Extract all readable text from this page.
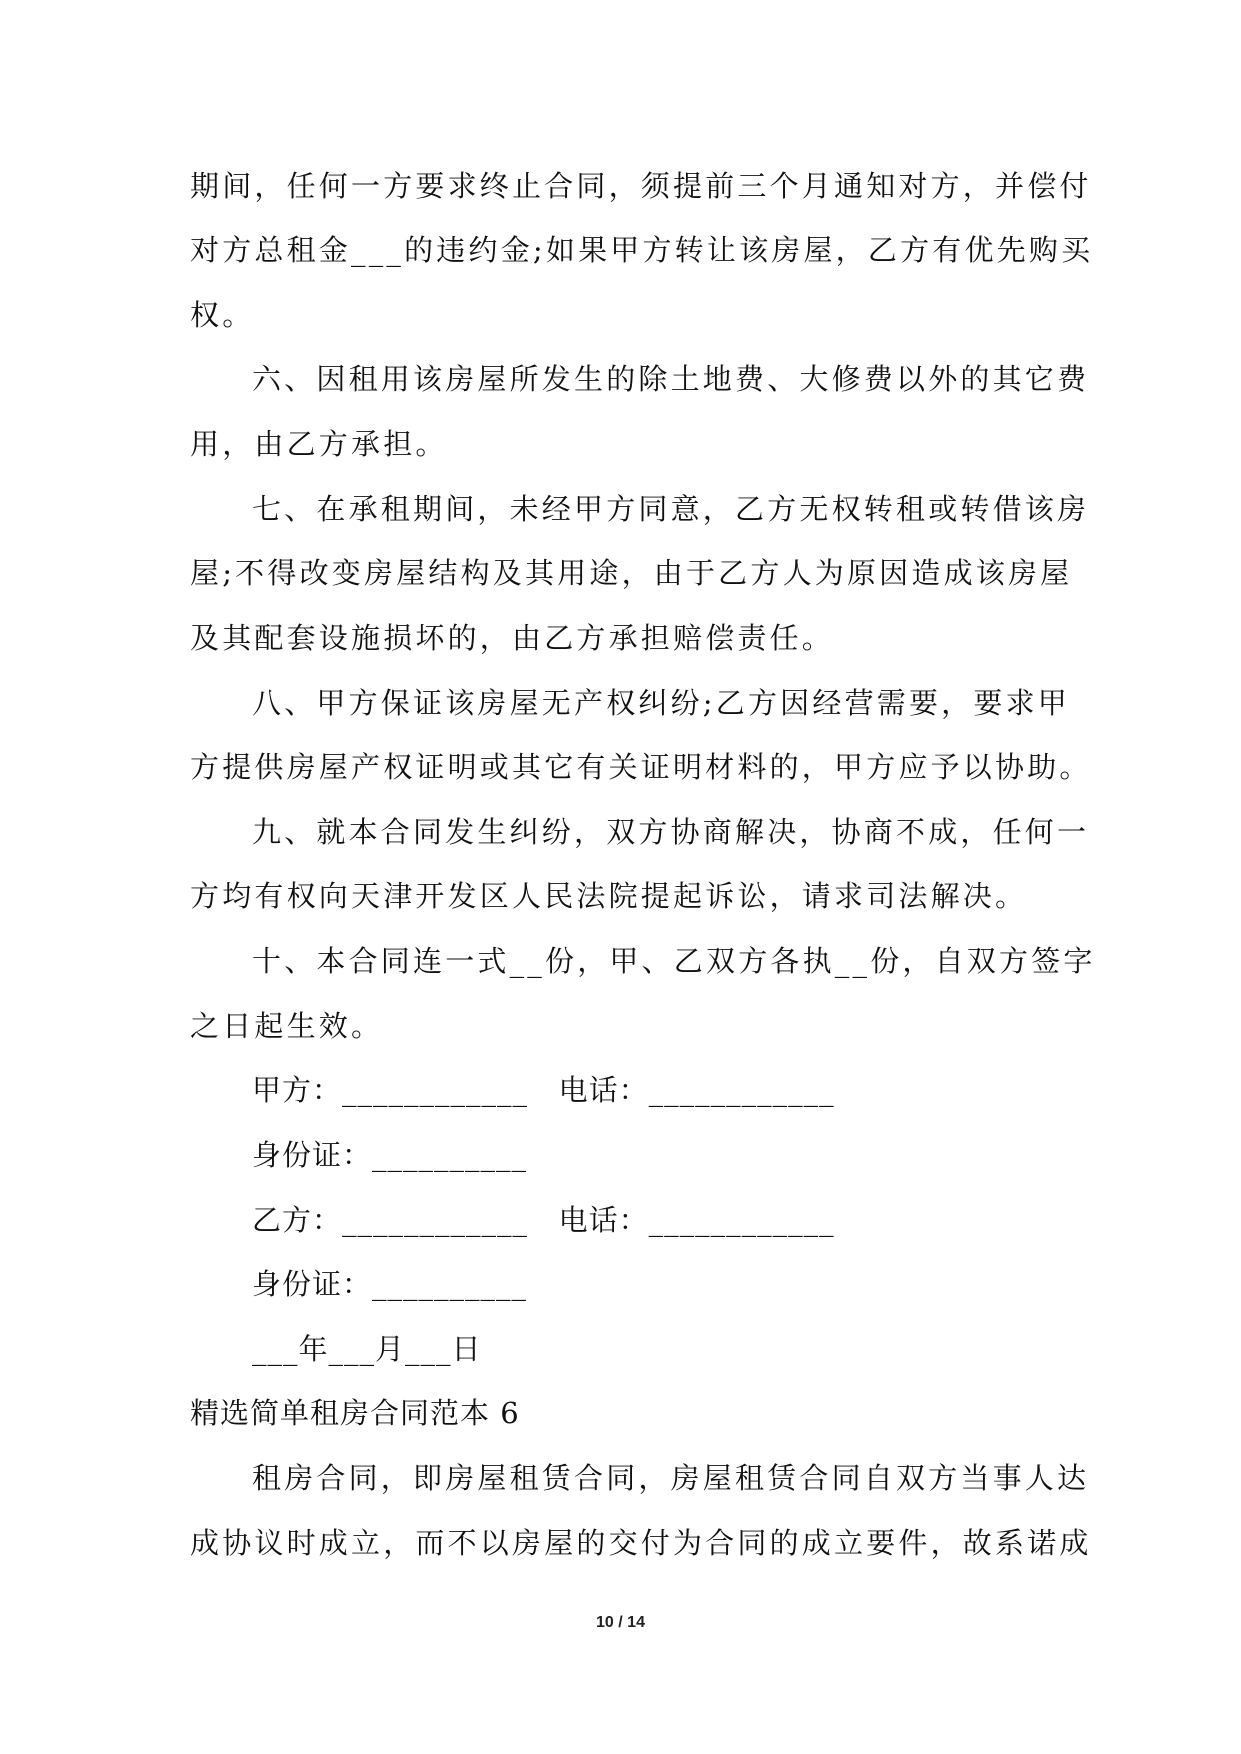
期间，任何一方要求终止合同，须提前三个月通知对方，并偿付
对方总租金___的违约金;如果甲方转让该房屋，乙方有优先购买
权。
六、因租用该房屋所发生的除土地费、大修费以外的其它费
用，由乙方承担。
七、在承租期间，未经甲方同意，乙方无权转租或转借该房
屋;不得改变房屋结构及其用途，由于乙方人为原因造成该房屋
及其配套设施损坏的，由乙方承担赔偿责任。
八、甲方保证该房屋无产权纠纷;乙方因经营需要，要求甲
方提供房屋产权证明或其它有关证明材料的，甲方应予以协助。
九、就本合同发生纠纷，双方协商解决，协商不成，任何一
方均有权向天津开发区人民法院提起诉讼，请求司法解决。
十、本合同连一式__份，甲、乙双方各执__份，自双方签字
之日起生效。
甲方：____________   电话：____________
身份证：__________
乙方：____________   电话：____________
身份证：__________
___年___月___日
精选简单租房合同范本 6
租房合同，即房屋租赁合同，房屋租赁合同自双方当事人达
成协议时成立，而不以房屋的交付为合同的成立要件，故系诺成
10 / 14
